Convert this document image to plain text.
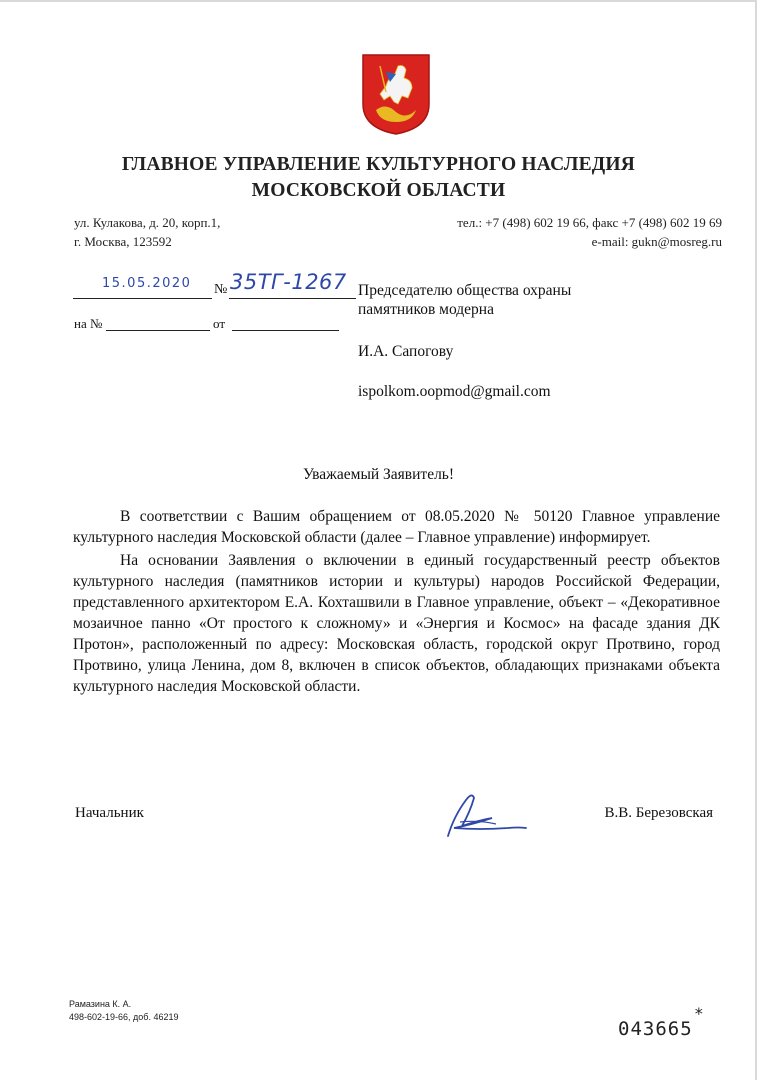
ГЛАВНОЕ УПРАВЛЕНИЕ КУЛЬТУРНОГО НАСЛЕДИЯ
МОСКОВСКОЙ ОБЛАСТИ
ул. Кулакова, д. 20, корп.1,
г. Москва, 123592
тел.: +7 (498) 602 19 66, факс +7 (498) 602 19 69
e-mail: gukn@mosreg.ru
15.05.2020 № 35ТГ-1267
на №	от
Председателю общества охраны
памятников модерна
И.А. Сапогову
ispolkom.oopmod@gmail.com
Уважаемый Заявитель!

В соответствии с Вашим обращением от 08.05.2020 № 50120 Главное управление культурного наследия Московской области (далее – Главное управление) информирует.

На основании Заявления о включении в единый государственный реестр объектов культурного наследия (памятников истории и культуры) народов Российской Федерации, представленного архитектором Е.А. Кохташвили в Главное управление, объект – «Декоративное мозаичное панно «От простого к сложному» и «Энергия и Космос» на фасаде здания ДК Протон», расположенный по адресу: Московская область, городской округ Протвино, город Протвино, улица Ленина, дом 8, включен в список объектов, обладающих признаками объекта культурного наследия Московской области.

Начальник	В.В. Березовская
Рамазина К. А.
498-602-19-66, доб. 46219
043665
*
